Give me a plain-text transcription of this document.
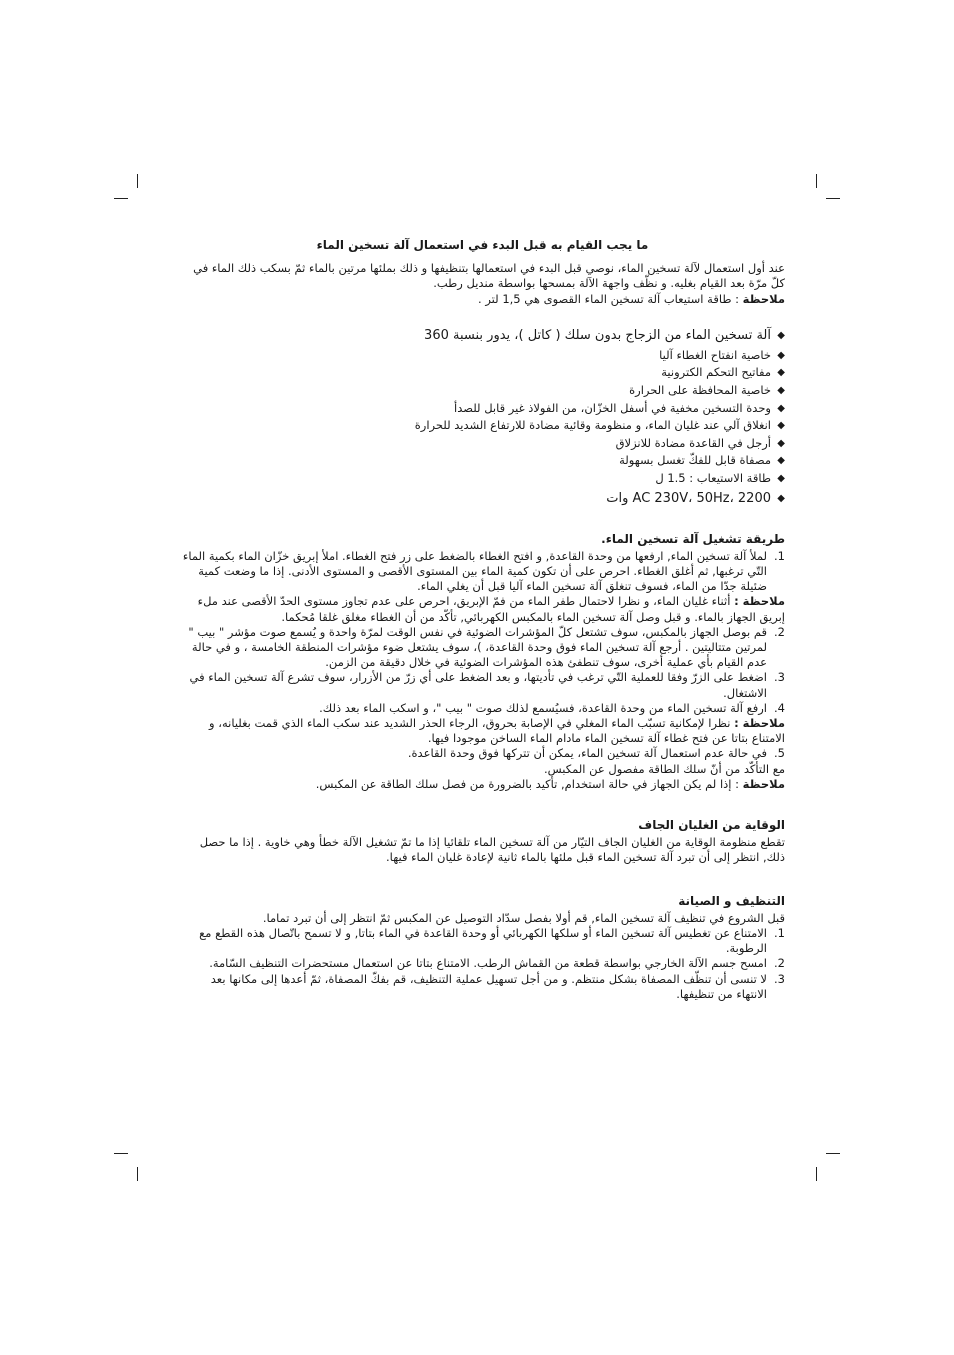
ما يجب القيام به قبل البدء في استعمال آلة تسخين الماء

عند أول استعمال لآلة تسخين الماء، نوصي قبل البدء في استعمالها بتنظيفها و ذلك بملئها مرتين بالماء ثمّ بسكب ذلك الماء في كلّ مرّة بعد القيام بغليه. و نظّف واجهة الآلة بمسحها بواسطة منديل رطب.

ملاحظة : طاقة استيعاب آلة تسخين الماء القصوى هي 1,5 لتر .

◆ آلة تسخين الماء من الزجاج بدون سلك ( كاتل )، يدور بنسبة 360
◆ خاصية انفتاح الغطاء آليا
◆ مفاتيح التحكم الكترونية
◆ خاصية المحافظة على الحرارة
◆ وحدة التسخين مخفية في أسفل الخزّان، من الفولاذ غير قابل للصدأ
◆ انغلاق آلي عند غليان الماء، و منظومة وقائية مضادة للارتفاع الشديد للحرارة
◆ أرجل في القاعدة مضادة للانزلاق
◆ مصفاة قابل للفكّ تغسل بسهولة
◆ طاقة الاستيعاب : 1.5 ل
◆ AC 230V، 50Hz، 2200 وات
طريقة تشغيل آلة تسخين الماء.
1.
لملأ آلة تسخين الماء, ارفعها من وحدة القاعدة, و افتح الغطاء بالضغط على زر فتح الغطاء. املأ إبريق خزّان الماء بكمية الماء التّي ترغبها, ثم أغلق الغطاء. احرص على أن تكون كمية الماء بين المستوى الأقصى و المستوى الأدنى. إذا ما وضعت كمية ضئيلة جدّا من الماء، فسوف تنغلق آلة تسخين الماء آليا قبل أن يغلي الماء.

ملاحظة : أثناء غليان الماء، و نظرا لاحتمال طفر الماء من فمّ الإبريق، احرص على عدم تجاوز مستوى الحدّ الأقصى عند ملء إبريق الجهاز بالماء. و قبل وصل آلة تسخين الماء بالمكبس الكهربائي, تأكّد من أن الغطاء مغلق غلقا مُحكما.

2.
قم بوصل الجهاز بالمكبس، سوف تشتعل كلّ المؤشرات الضوئية في نفس الوقت لمرّة واحدة و يُسمع صوت مؤشر " بيب " لمرتين متتاليتين . أرجع آلة تسخين الماء فوق وحدة القاعدة، )، سوف يشتعل ضوء مؤشرات المنطقة الخامسة ، و في حالة عدم القيام بأي عملية أخرى، سوف تنطفئ هذه المؤشرات الضوئية في خلال دقيقة من الزمن.
3.
اضغط على الزرّ وفقا للعملية التّي ترغب في تأديتها، و بعد الضغط على أي زرّ من الأزرار، سوف تشرع آلة تسخين الماء في الاشتغال.
4.
ارفع آلة تسخين الماء من وحدة القاعدة، فسيُسمع لذلك صوت " بيب "، و اسكب الماء بعد ذلك.

ملاحظة : نظرا لإمكانية تسبّب الماء المغلي في الإصابة بحروق، الرجاء الحذر الشديد عند سكب الماء الذي قمت بغليانه، و الامتناع بتاتا عن فتح غطاء آلة تسخين الماء مادام الماء الساخن موجودا فيها.

5.
في حالة عدم استعمال آلة تسخين الماء، يمكن أن تتركها فوق وحدة القاعدة.

مع التأكّد من أنّ سلك الطاقة مفصول عن المكبس.

ملاحظة : إذا لم يكن الجهاز في حالة استخدام, تأكيد بالضرورة من فصل سلك الطاقة عن المكبس.

الوقاية من الغليان الجاف

تقطع منظومة الوقاية من الغليان الجاف التيّار من آلة تسخين الماء تلقائيا إذا ما تمّ تشغيل الآلة خطأ وهي خاوية . إذا ما حصل ذلك, انتظر إلى أن تبرد آلة تسخين الماء قبل ملئها بالماء ثانية لإعادة غليان الماء فيها.

التنظيف و الصيانة

قبل الشروع في تنظيف آلة تسخين الماء, قم أولا بفصل سدّاد التوصيل عن المكبس ثمّ انتظر إلى أن تبرد تماما.

1.
الامتناع عن تغطيس آلة تسخين الماء أو سلكها الكهربائي أو وحدة القاعدة في الماء بتاتا, و لا تسمح باتّصال هذه القطع مع الرطوبة.
2.
امسح جسم الآلة الخارجي بواسطة قطعة من القماش الرطب. الامتناع بتاتا عن استعمال مستحضرات التنظيف السّامة.
3.
لا تنسى أن تنظّف المصفاة بشكل منتظم. و من أجل تسهيل عملية التنظيف، قم بفكّ المصفاة، ثمّ أعدها إلى مكانها بعد الانتهاء من تنظيفها.
